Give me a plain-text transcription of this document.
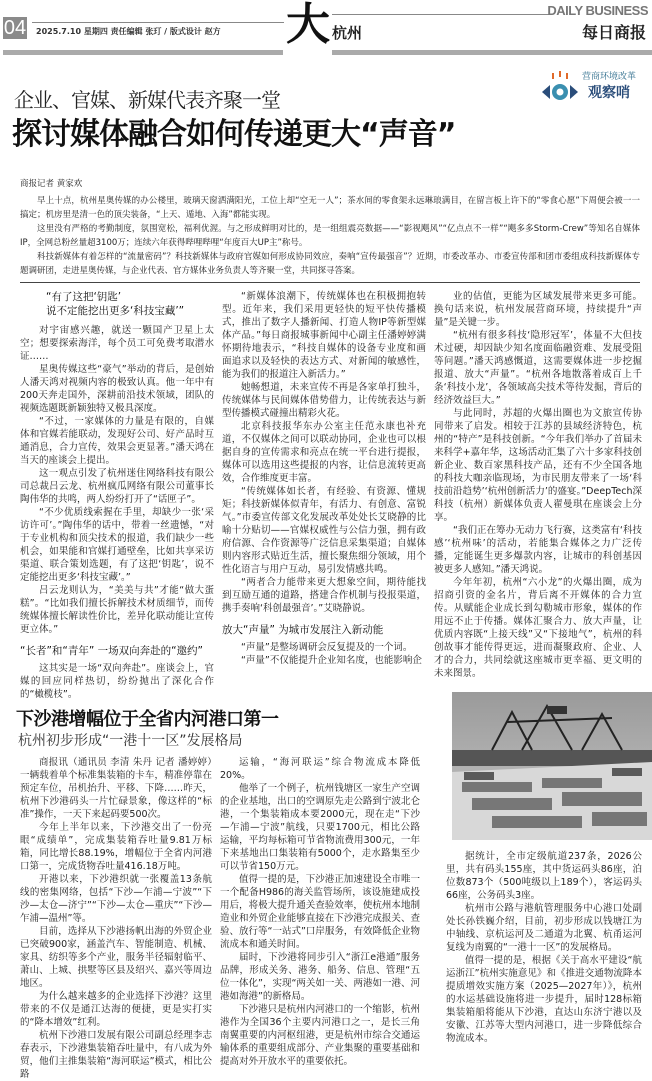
04 2025.7.10 星期四 责任编辑 张玎 / 版式设计 赵方 大 杭州
DAILY BUSINESS
每日商报
营商环境改革
观察哨
企业、官媒、新媒代表齐聚一堂
探讨媒体融合如何传递更大“声音”
商报记者 黄家欢

早上十点，杭州星奥传媒的办公楼里，玻璃天窗洒满阳光，工位上却“空无一人”；茶水间的零食架永远琳琅满目，在留言板上许下的“零食心愿”下周便会被一一搞定；机房里是清一色的顶尖装备，“上天、遁地、入海”都能实现。

这里没有严格的考勤制度，氛围宽松，福利优渥。与之形成鲜明对比的，是一组组震亮数据——“影视飓风”“亿点点不一样”“飓多多Storm-Crew”等知名自媒体IP，全网总粉丝量超3100万；连续六年获得哔哩哔哩“年度百大UP主”称号。

科技新媒体有着怎样的“流量密码”？科技新媒体与政府官媒如何形成协同效应，奏响“宣传最强音”？近期，市委改革办、市委宣传部和团市委组成科技新媒体专题调研团，走进星奥传媒，与企业代表、官方媒体业务负责人等齐聚一堂，共同探寻答案。

“有了这把‘钥匙’
说不定能挖出更多‘科技宝藏’”

对宇宙感兴趣，就送一颗国产卫星上太空；想要探索海洋，每个员工可免费考取潜水证……

星奥传媒这些“豪气”举动的背后，是创始人潘天鸿对视频内容的极致认真。他一年中有200天奔走国外，深耕前沿技术领域，团队的视频选题既新颖独特又极具深度。

“不过，一家媒体的力量是有限的，自媒体和官媒若能联动，发现好公司、好产品时互通消息，合力宣传，效果会更显著。”潘天鸿在当天的座谈会上提出。

这一观点引发了杭州迷住网络科技有限公司总裁吕云龙、杭州疯瓜网络有限公司董事长陶伟华的共鸣，两人纷纷打开了“话匣子”。

“不少优质线索握在手里，却缺少一张‘采访许可’。”陶伟华的话中，带着一丝遗憾，“对于专业机构和顶尖技术的报道，我们缺少一些机会，如果能和官媒打通壁垒，比如共享采访渠道、联合策划选题，有了这把‘钥匙’，说不定能挖出更多‘科技宝藏’。”

吕云龙则认为，“美美与共”才能“做大蛋糕”。“比如我们擅长拆解技术材质细节，而传统媒体擅长解读性价比，差异化联动能让宣传更立体。”

“长者”和“青年” 一场双向奔赴的“邀约”

这其实是一场“双向奔赴”。座谈会上，官媒的回应同样热切，纷纷抛出了深化合作的“橄榄枝”。

“新媒体浪潮下，传统媒体也在积极拥抱转型。近年来，我们采用更轻快的短平快传播模式，推出了数字人播新闻、打造人物IP等新型媒体产品。”每日商报城事新闻中心副主任潘婷婷满怀期待地表示，“科技自媒体的设备专业度和画面追求以及轻快的表达方式、对新闻的敏感性，能为我们的报道注入新活力。”

她畅想道，未来宣传不再是各家单打独斗，传统媒体与民间媒体借势借力，让传统表达与新型传播模式碰撞出精彩火花。

北京科技报华东办公室主任范永康也补充道，不仅媒体之间可以联动协同，企业也可以根据自身的宣传需求和亮点在统一平台进行提报，媒体可以选用这些提报的内容，让信息流转更高效，合作维度更丰富。

“传统媒体如长者，有经验、有资源、懂规矩；科技新媒体似青年，有活力、有创意、富锐气。”市委宣传部文化发展改革处处长艾晓静的比喻十分贴切——官媒权威性与公信力强，拥有政府信源、合作资源等广泛信息采集渠道；自媒体则内容形式贴近生活，擅长聚焦细分领域，用个性化语言与用户互动，易引发情感共鸣。

“两者合力能带来更大想象空间，期待能找到互励互通的道路，搭建合作机制与投报渠道，携手奏响‘科创最强音’。”艾晓静说。

放大“声量” 为城市发展注入新动能

“声量”是整场调研会反复提及的一个词。

“声量”不仅能提升企业知名度，也能影响企

业的估值，更能为区域发展带来更多可能。换句话来说，杭州发展营商环境，持续提升“声量”是关键一步。

“杭州有很多科技‘隐形冠军’，体量不大但技术过硬，却因缺少知名度面临融资难、发展受阻等问题。”潘天鸿感慨道，这需要媒体进一步挖掘报道、放大“声量”。“杭州各地散落着成百上千条‘科技小龙’，各领域高尖技术等待发掘，背后的经济效益巨大。”

与此同时，苏超的火爆出圈也为文旅宣传协同带来了启发。相较于江苏的县域经济特色，杭州的“特产”是科技创新。“今年我们举办了首届未来科学+嘉年华，这场活动汇集了六十多家科技创新企业、数百家黑科技产品，还有不少全国各地的科技大咖亲临现场，为市民朋友带来了一场‘科技前沿趋势’‘杭州创新活力’的盛宴。”DeepTech深科技（杭州）新媒体负责人翟曼琪在座谈会上分享。

“我们正在筹办无动力飞行赛，这类富有‘科技感’‘杭州味’的活动，若能集合媒体之力广泛传播，定能诞生更多爆款内容，让城市的科创基因被更多人感知。”潘天鸿说。

今年年初，杭州“六小龙”的火爆出圈，成为招商引资的金名片，背后离不开媒体的合力宣传。从赋能企业成长到勾勒城市形象，媒体的作用远不止于传播。媒体汇聚合力、放大声量，让优质内容既“上接天线”又“下接地气”，杭州的科创故事才能传得更远，进而凝聚政府、企业、人才的合力，共同绘就这座城市更幸福、更文明的未来图景。

下沙港增幅位于全省内河港口第一
杭州初步形成“一港十一区”发展格局

商报讯（通讯员 李清 朱丹 记者 潘婷婷）一辆载着单个标准集装箱的卡车，精准停靠在预定车位，吊机抬升、平移、下降……昨天，杭州下沙港码头一片忙碌景象，像这样的“标准”操作，一天下来起码要500次。

今年上半年以来，下沙港交出了一份亮眼“成绩单”，完成集装箱吞吐量9.81万标箱，同比增长88.19%，增幅位于全省内河港口第一，完成货物吞吐量416.18万吨。

开港以来，下沙港织就一张覆盖13条航线的密集网络，包括“下沙—乍浦—宁波”“下沙—太仓—济宁”“下沙—太仓—重庆”“下沙—乍浦—温州”等。

目前，选择从下沙港扬帆出海的外贸企业已突破900家，涵盖汽车、智能制造、机械、家具、纺织等多个产业，服务半径辐射临平、萧山、上城、拱墅等区县及绍兴、嘉兴等周边地区。

为什么越来越多的企业选择下沙港？这里带来的不仅是通江达海的便捷，更是实打实的“降本增效”红利。

杭州下沙港口发展有限公司副总经理李志春表示，下沙港集装箱吞吐量中，有八成为外贸，他们主推集装箱“海河联运”模式，相比公路

运输，“海河联运”综合物流成本降低20%。

他举了一个例子，杭州钱塘区一家生产空调的企业基地，出口的空调原先走公路到宁波北仑港，一个集装箱成本要2000元，现在走“下沙—乍浦—宁波”航线，只要1700元，相比公路运输，平均每标箱可节省物流费用300元，一年下来基地出口集装箱有5000个，走水路集至少可以节省150万元。

值得一提的是，下沙港正加速建设全市唯一一个配备H986的海关监管场所，该设施建成投用后，将极大提升通关查验效率，使杭州本地制造业和外贸企业能够直接在下沙港完成报关、查验、放行等“一站式”口岸服务，有效降低企业物流成本和通关时间。

届时，下沙港将同步引入“浙江e港通”服务品牌，形成关务、港务、船务、信息、管理“五位一体化”，实现“两关如一关、两港如一港、河港如海港”的新格局。

下沙港只是杭州内河港口的一个缩影，杭州港作为全国36个主要内河港口之一，是长三角南翼重要的内河枢纽港，更是杭州市综合交通运输体系的重要组成部分、产业集聚的重要基础和提高对外开放水平的重要依托。

据统计，全市定级航道237条，2026公里，共有码头155座，其中货运码头86座，泊位数873个（500吨级以上189个），客运码头66座，公务码头3座。

杭州市公路与港航管理服务中心港口处副处长孙铁巍介绍，目前，初步形成以钱塘江为中轴线、京杭运河及二通道为北翼、杭甬运河复线为南翼的“一港十一区”的发展格局。

值得一提的是，根据《关于高水平建设“航运浙江”杭州实施意见》和《推进交通物流降本提质增效实施方案（2025—2027年）》，杭州的水运基础设施将进一步提升，届时128标箱集装箱船将能从下沙港，直达山东济宁港以及安徽、江苏等大型内河港口，进一步降低综合物流成本。
